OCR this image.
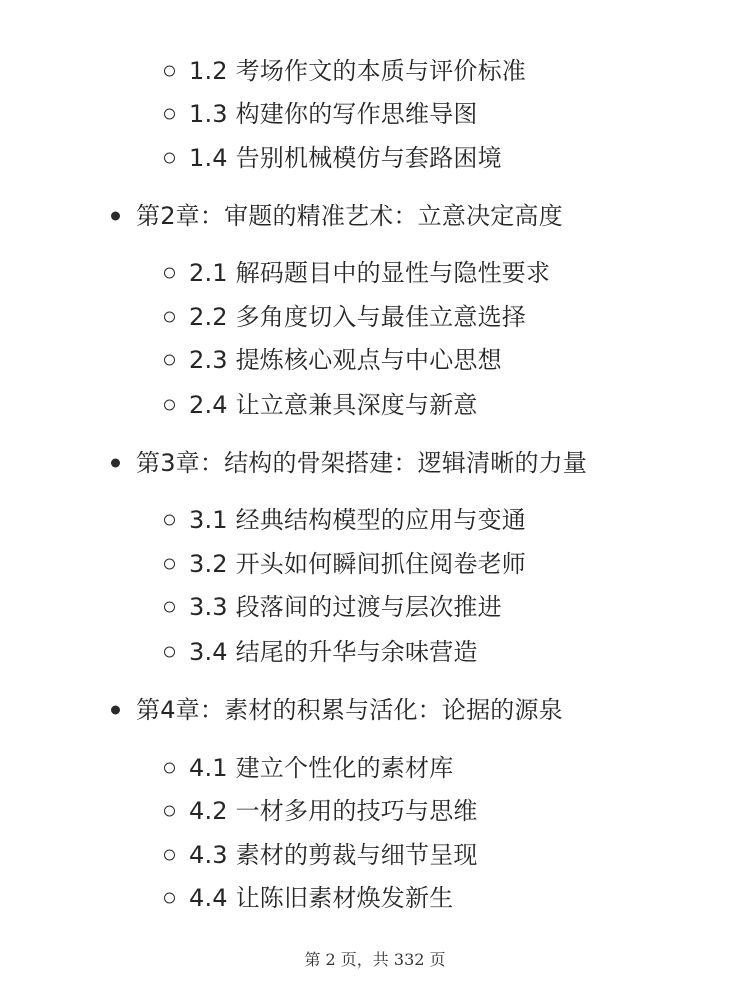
1.2 考场作文的本质与评价标准
1.3 构建你的写作思维导图
1.4 告别机械模仿与套路困境
第2章：审题的精准艺术：立意决定高度
2.1 解码题目中的显性与隐性要求
2.2 多角度切入与最佳立意选择
2.3 提炼核心观点与中心思想
2.4 让立意兼具深度与新意
第3章：结构的骨架搭建：逻辑清晰的力量
3.1 经典结构模型的应用与变通
3.2 开头如何瞬间抓住阅卷老师
3.3 段落间的过渡与层次推进
3.4 结尾的升华与余味营造
第4章：素材的积累与活化：论据的源泉
4.1 建立个性化的素材库
4.2 一材多用的技巧与思维
4.3 素材的剪裁与细节呈现
4.4 让陈旧素材焕发新生
第 2 页，共 332 页
